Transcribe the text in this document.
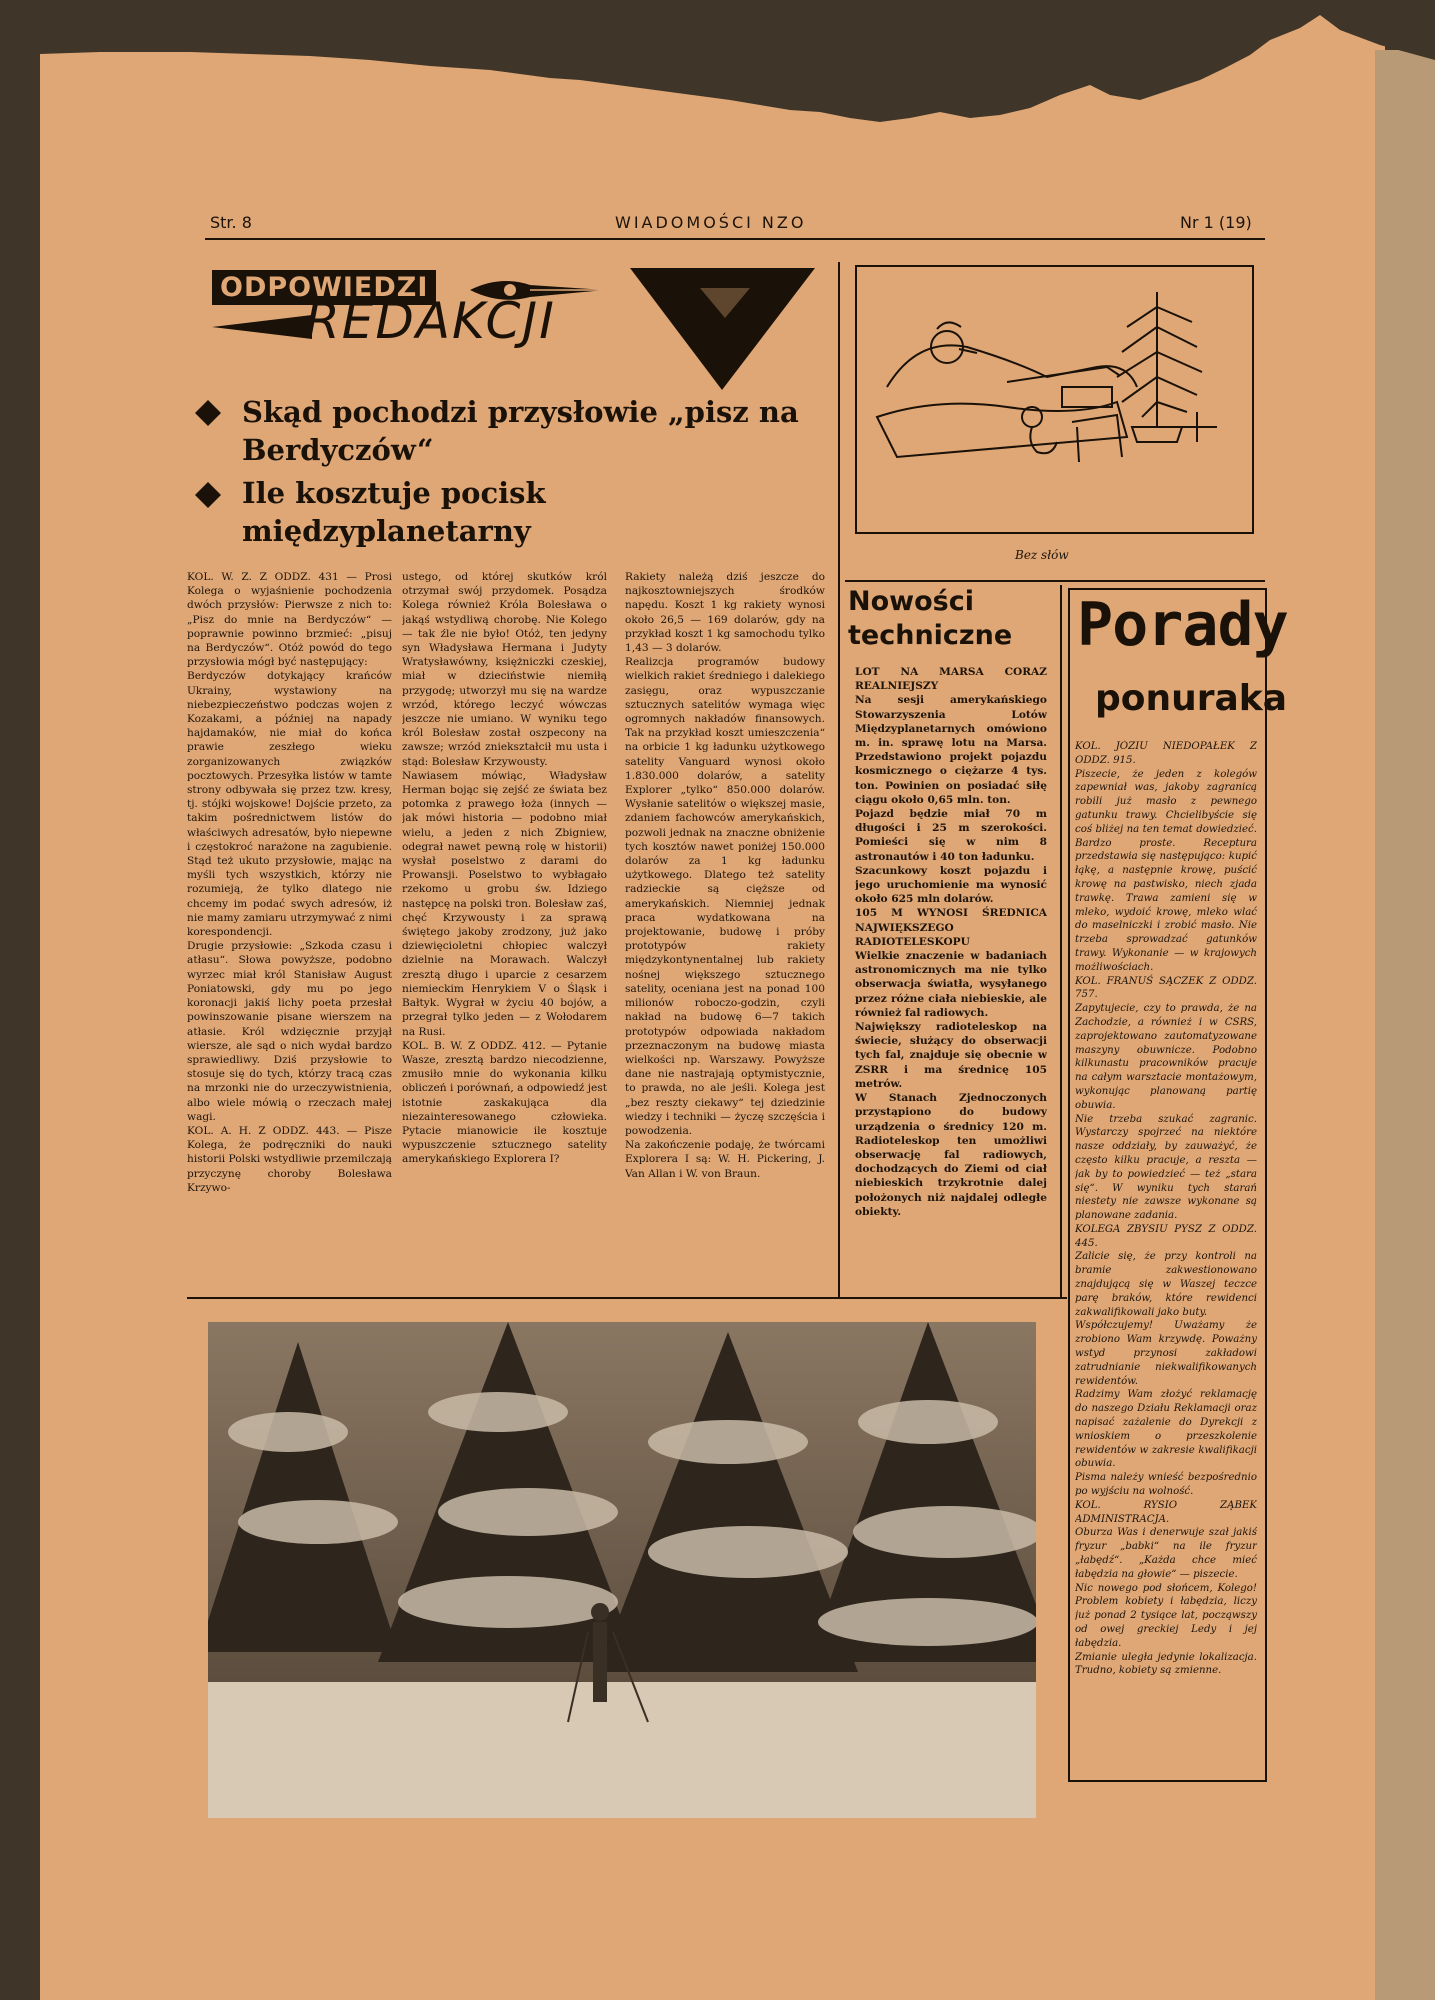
Str. 8	WIADOMOŚCI NZO	Nr 1 (19)
ODPOWIEDZI
REDAKCJI
Skąd pochodzi przysłowie „pisz na Berdyczów“
Ile kosztuje pocisk międzyplanetarny
KOL. W. Z. Z ODDZ. 431 — Prosi Kolega o wyjaśnienie pochodzenia dwóch przysłów: Pierwsze z nich to: „Pisz do mnie na Berdyczów“ — poprawnie powinno brzmieć: „pisuj na Berdyczów“. Otóż powód do tego przysłowia mógł być następujący:
Berdyczów dotykający krańców Ukrainy, wystawiony na niebezpieczeństwo podczas wojen z Kozakami, a później na napady hajdamaków, nie miał do końca prawie zeszłego wieku zorganizowanych związków pocztowych. Przesyłka listów w tamte strony odbywała się przez tzw. kresy, tj. stójki wojskowe! Dojście przeto, za takim pośrednictwem listów do właściwych adresatów, było niepewne i częstokroć narażone na zagubienie. Stąd też ukuto przysłowie, mając na myśli tych wszystkich, którzy nie rozumieją, że tylko dlatego nie chcemy im podać swych adresów, iż nie mamy zamiaru utrzymywać z nimi korespondencji.
Drugie przysłowie: „Szkoda czasu i atłasu“. Słowa powyższe, podobno wyrzec miał król Stanisław August Poniatowski, gdy mu po jego koronacji jakiś lichy poeta przesłał powinszowanie pisane wierszem na atłasie. Król wdzięcznie przyjął wiersze, ale sąd o nich wydał bardzo sprawiedliwy. Dziś przysłowie to stosuje się do tych, którzy tracą czas na mrzonki nie do urzeczywistnienia, albo wiele mówią o rzeczach małej wagi.
KOL. A. H. Z ODDZ. 443. — Pisze Kolega, że podręczniki do nauki historii Polski wstydliwie przemilczają przyczynę choroby Bolesława Krzywo-
ustego, od której skutków król otrzymał swój przydomek. Posądza Kolega również Króla Bolesława o jakąś wstydliwą chorobę. Nie Kolego — tak źle nie było! Otóż, ten jedyny syn Władysława Hermana i Judyty Wratysławówny, księżniczki czeskiej, miał w dzieciństwie niemiłą przygodę; utworzył mu się na wardze wrzód, którego leczyć wówczas jeszcze nie umiano. W wyniku tego król Bolesław został oszpecony na zawsze; wrzód zniekształcił mu usta i stąd: Bolesław Krzywousty.
Nawiasem mówiąc, Władysław Herman bojąc się zejść ze świata bez potomka z prawego łoża (innych — jak mówi historia — podobno miał wielu, a jeden z nich Zbigniew, odegrał nawet pewną rolę w historii) wysłał poselstwo z darami do Prowansji. Poselstwo to wybłagało rzekomo u grobu św. Idziego następcę na polski tron. Bolesław zaś, chęć Krzywousty i za sprawą świętego jakoby zrodzony, już jako dziewięcioletni chłopiec walczył dzielnie na Morawach. Walczył zresztą długo i uparcie z cesarzem niemieckim Henrykiem V o Śląsk i Bałtyk. Wygrał w życiu 40 bojów, a przegrał tylko jeden — z Wołodarem na Rusi.
KOL. B. W. Z ODDZ. 412. — Pytanie Wasze, zresztą bardzo niecodzienne, zmusiło mnie do wykonania kilku obliczeń i porównań, a odpowiedź jest istotnie zaskakująca dla niezainteresowanego człowieka. Pytacie mianowicie ile kosztuje wypuszczenie sztucznego satelity amerykańskiego Explorera I?
Rakiety należą dziś jeszcze do najkosztowniejszych środków napędu. Koszt 1 kg rakiety wynosi około 26,5 — 169 dolarów, gdy na przykład koszt 1 kg samochodu tylko 1,43 — 3 dolarów.
Realizcja programów budowy wielkich rakiet średniego i dalekiego zasięgu, oraz wypuszczanie sztucznych satelitów wymaga więc ogromnych nakładów finansowych. Tak na przykład koszt umieszczenia“ na orbicie 1 kg ładunku użytkowego satelity Vanguard wynosi około 1.830.000 dolarów, a satelity Explorer „tylko“ 850.000 dolarów. Wysłanie satelitów o większej masie, zdaniem fachowców amerykańskich, pozwoli jednak na znaczne obniżenie tych kosztów nawet poniżej 150.000 dolarów za 1 kg ładunku użytkowego. Dlatego też satelity radzieckie są cięższe od amerykańskich. Niemniej jednak praca wydatkowana na projektowanie, budowę i próby prototypów rakiety międzykontynentalnej lub rakiety nośnej większego sztucznego satelity, oceniana jest na ponad 100 milionów roboczo-godzin, czyli nakład na budowę 6—7 takich prototypów odpowiada nakładom przeznaczonym na budowę miasta wielkości np. Warszawy. Powyższe dane nie nastrajają optymistycznie, to prawda, no ale jeśli. Kolega jest „bez reszty ciekawy“ tej dziedzinie wiedzy i techniki — życzę szczęścia i powodzenia.
Na zakończenie podaję, że twórcami Explorera I są: W. H. Pickering, J. Van Allan i W. von Braun.
Bez słów
Nowości
techniczne
LOT NA MARSA CORAZ REALNIEJSZY
Na sesji amerykańskiego Stowarzyszenia Lotów Międzyplanetarnych omówiono m. in. sprawę lotu na Marsa. Przedstawiono projekt pojazdu kosmicznego o ciężarze 4 tys. ton. Powinien on posiadać siłę ciągu około 0,65 mln. ton.
Pojazd będzie miał 70 m długości i 25 m szerokości. Pomieści się w nim 8 astronautów i 40 ton ładunku.
Szacunkowy koszt pojazdu i jego uruchomienie ma wynosić około 625 mln dolarów.
105 M WYNOSI ŚREDNICA NAJWIĘKSZEGO RADIOTELESKOPU
Wielkie znaczenie w badaniach astronomicznych ma nie tylko obserwacja światła, wysyłanego przez różne ciała niebieskie, ale również fal radiowych.
Największy radioteleskop na świecie, służący do obserwacji tych fal, znajduje się obecnie w ZSRR i ma średnicę 105 metrów.
W Stanach Zjednoczonych przystąpiono do budowy urządzenia o średnicy 120 m. Radioteleskop ten umożliwi obserwację fal radiowych, dochodzących do Ziemi od ciał niebieskich trzykrotnie dalej położonych niż najdalej odległe obiekty.
Porady
ponuraka
KOL. JÓZIU NIEDOPAŁEK Z ODDZ. 915.
Piszecie, że jeden z kolegów zapewniał was, jakoby zagranicą robili już masło z pewnego gatunku trawy. Chcielibyście się coś bliżej na ten temat dowiedzieć. Bardzo proste. Receptura przedstawia się następująco: kupić łąkę, a następnie krowę, puścić krowę na pastwisko, niech zjada trawkę. Trawa zamieni się w mleko, wydoić krowę, mleko wlać do maselniczki i zrobić masło. Nie trzeba sprowadzać gatunków trawy. Wykonanie — w krajowych możliwościach.
KOL. FRANUŚ SĄCZEK Z ODDZ. 757.
Zapytujecie, czy to prawda, że na Zachodzie, a również i w CSRS, zaprojektowano zautomatyzowane maszyny obuwnicze. Podobno kilkunastu pracowników pracuje na całym warsztacie montażowym, wykonując planowaną partię obuwia.
Nie trzeba szukać zagranic. Wystarczy spojrzeć na niektóre nasze oddziały, by zauważyć, że często kilku pracuje, a reszta — jak by to powiedzieć — też „stara się“. W wyniku tych starań niestety nie zawsze wykonane są planowane zadania.
KOLEGA ZBYSIU PYSZ Z ODDZ. 445.
Zalicie się, że przy kontroli na bramie zakwestionowano znajdującą się w Waszej teczce parę braków, które rewidenci zakwalifikowali jako buty.
Współczujemy! Uważamy że zrobiono Wam krzywdę. Poważny wstyd przynosi zakładowi zatrudnianie niekwalifikowanych rewidentów.
Radzimy Wam złożyć reklamację do naszego Działu Reklamacji oraz napisać zażalenie do Dyrekcji z wnioskiem o przeszkolenie rewidentów w zakresie kwalifikacji obuwia.
Pisma należy wnieść bezpośrednio po wyjściu na wolność.
KOL. RYSIO ZĄBEK ADMINISTRACJA.
Oburza Was i denerwuje szał jakiś fryzur „babki“ na ile fryzur „łabędź“. „Każda chce mieć łabędzia na głowie“ — piszecie.
Nic nowego pod słońcem, Kolego! Problem kobiety i łabędzia, liczy już ponad 2 tysiące lat, począwszy od owej greckiej Ledy i jej łabędzia.
Zmianie uległa jedynie lokalizacja. Trudno, kobiety są zmienne.
